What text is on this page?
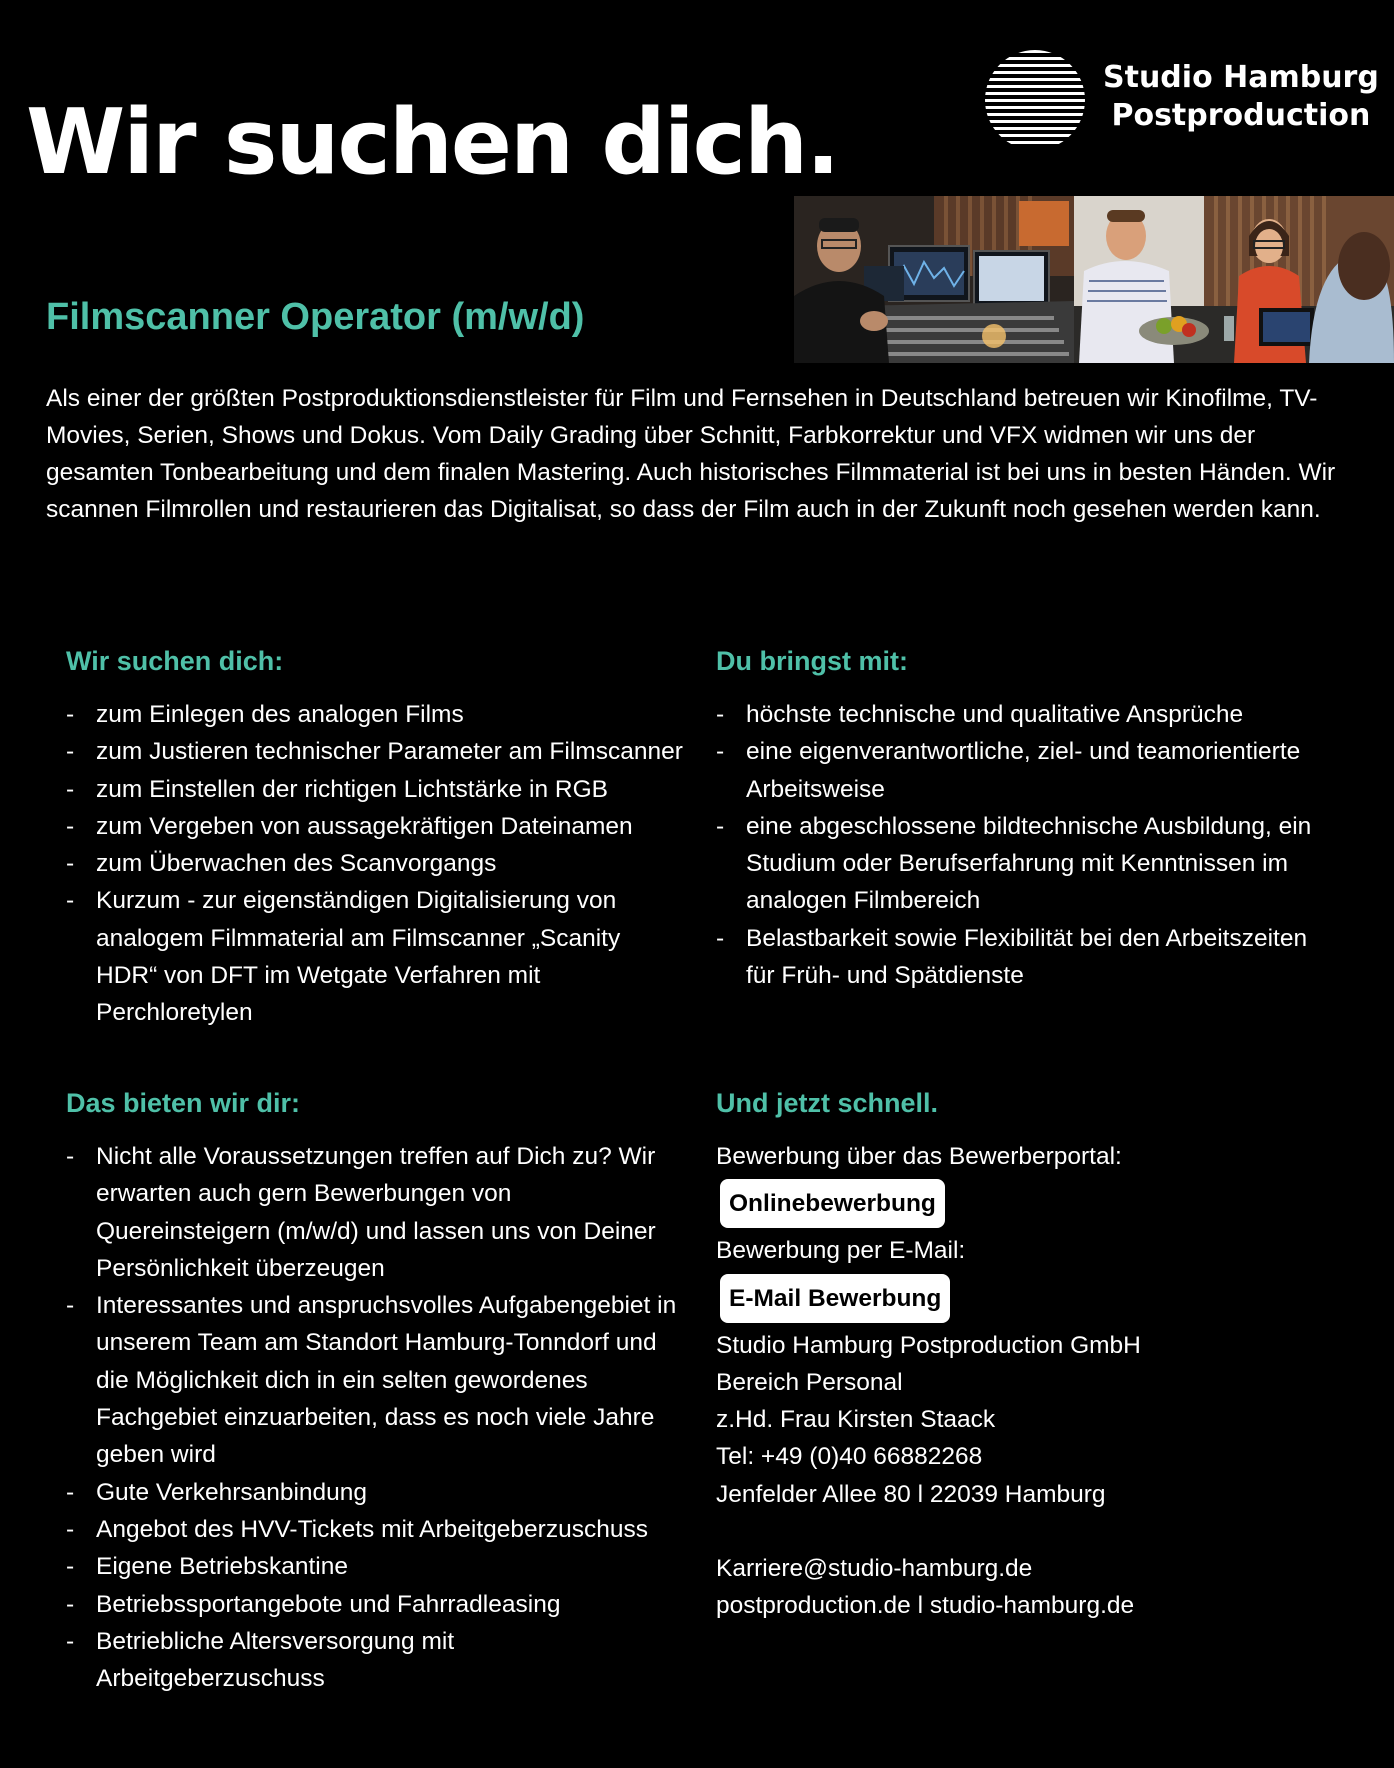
Wir suchen dich.
Studio Hamburg
Postproduction
Filmscanner Operator (m/w/d)

Als einer der größten Postproduktionsdienstleister für Film und Fernsehen in Deutschland betreuen wir Kinofilme, TV-Movies, Serien, Shows und Dokus. Vom Daily Grading über Schnitt, Farbkorrektur und VFX widmen wir uns der gesamten Tonbearbeitung und dem finalen Mastering. Auch historisches Filmmaterial ist bei uns in besten Händen. Wir scannen Filmrollen und restaurieren das Digitalisat, so dass der Film auch in der Zukunft noch gesehen werden kann.

Wir suchen dich:
- zum Einlegen des analogen Films
- zum Justieren technischer Parameter am Filmscanner
- zum Einstellen der richtigen Lichtstärke in RGB
- zum Vergeben von aussagekräftigen Dateinamen
- zum Überwachen des Scanvorgangs
- Kurzum - zur eigenständigen Digitalisierung von analogem Filmmaterial am Filmscanner „Scanity HDR“ von DFT im Wetgate Verfahren mit Perchloretylen
Du bringst mit:
- höchste technische und qualitative Ansprüche
- eine eigenverantwortliche, ziel- und teamorientierte Arbeitsweise
- eine abgeschlossene bildtechnische Ausbildung, ein Studium oder Berufserfahrung mit Kenntnissen im analogen Filmbereich
- Belastbarkeit sowie Flexibilität bei den Arbeitszeiten für Früh- und Spätdienste
Das bieten wir dir:
- Nicht alle Voraussetzungen treffen auf Dich zu? Wir erwarten auch gern Bewerbungen von Quereinsteigern (m/w/d) und lassen uns von Deiner Persönlichkeit überzeugen
- Interessantes und anspruchsvolles Aufgabengebiet in unserem Team am Standort Hamburg-Tonndorf und die Möglichkeit dich in ein selten gewordenes Fachgebiet einzuarbeiten, dass es noch viele Jahre geben wird
- Gute Verkehrsanbindung
- Angebot des HVV-Tickets mit Arbeitgeberzuschuss
- Eigene Betriebskantine
- Betriebssportangebote und Fahrradleasing
- Betriebliche Altersversorgung mit Arbeitgeberzuschuss
Und jetzt schnell.
Bewerbung über das Bewerberportal:
Onlinebewerbung
Bewerbung per E-Mail:
E-Mail Bewerbung
Studio Hamburg Postproduction GmbH
Bereich Personal
z.Hd. Frau Kirsten Staack
Tel: +49 (0)40 66882268
Jenfelder Allee 80 l 22039 Hamburg
Karriere@studio-hamburg.de
postproduction.de l studio-hamburg.de
